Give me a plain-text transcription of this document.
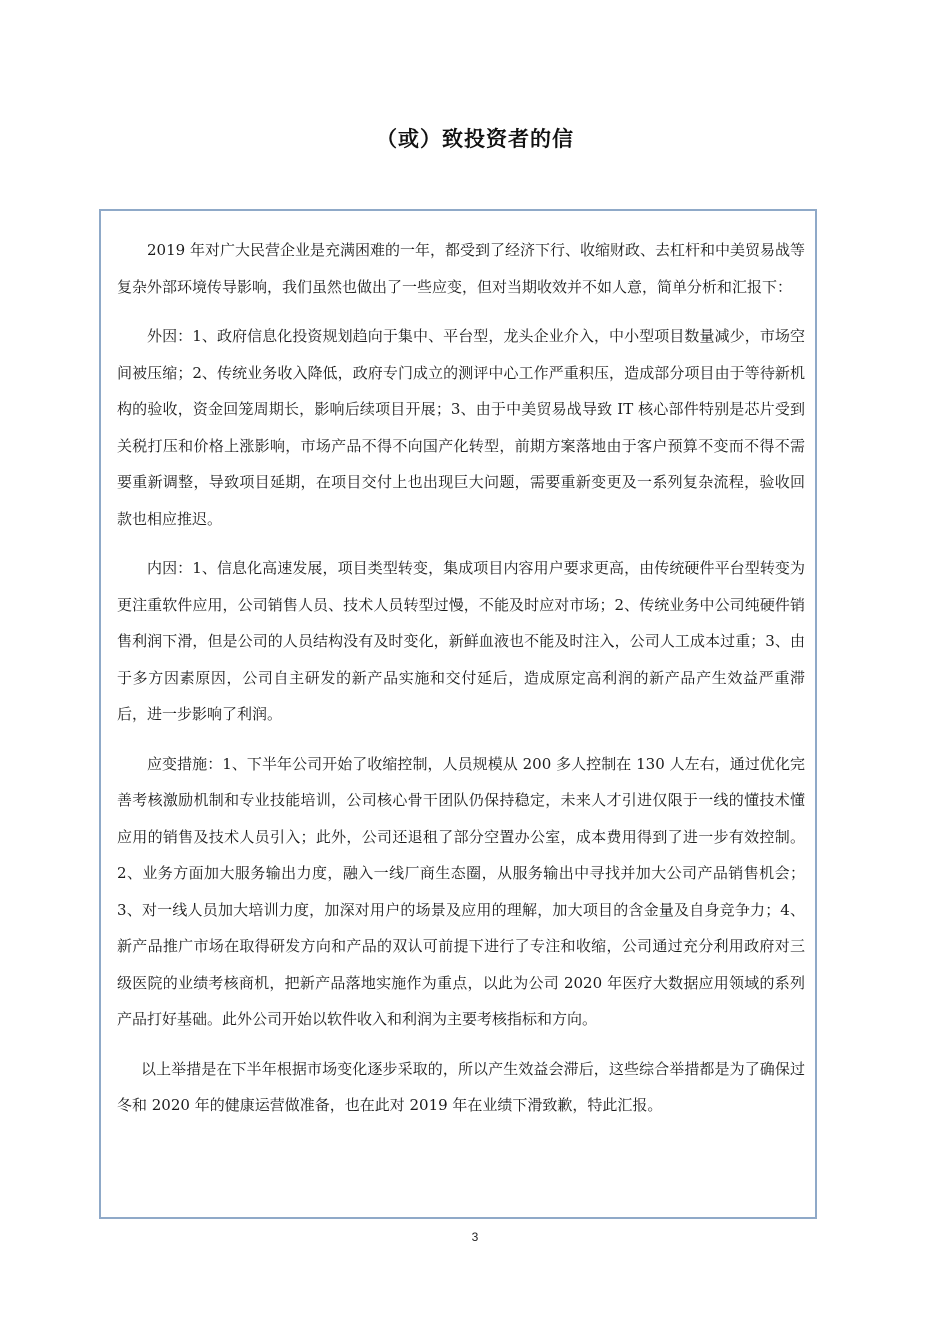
（或）致投资者的信

2019 年对广大民营企业是充满困难的一年，都受到了经济下行、收缩财政、去杠杆和中美贸易战等复杂外部环境传导影响，我们虽然也做出了一些应变，但对当期收效并不如人意，简单分析和汇报下：

外因：1、政府信息化投资规划趋向于集中、平台型，龙头企业介入，中小型项目数量减少，市场空间被压缩；2、传统业务收入降低，政府专门成立的测评中心工作严重积压，造成部分项目由于等待新机构的验收，资金回笼周期长，影响后续项目开展；3、由于中美贸易战导致 IT 核心部件特别是芯片受到关税打压和价格上涨影响，市场产品不得不向国产化转型，前期方案落地由于客户预算不变而不得不需要重新调整，导致项目延期，在项目交付上也出现巨大问题，需要重新变更及一系列复杂流程，验收回款也相应推迟。

内因：1、信息化高速发展，项目类型转变，集成项目内容用户要求更高，由传统硬件平台型转变为更注重软件应用，公司销售人员、技术人员转型过慢，不能及时应对市场；2、传统业务中公司纯硬件销售利润下滑，但是公司的人员结构没有及时变化，新鲜血液也不能及时注入，公司人工成本过重；3、由于多方因素原因，公司自主研发的新产品实施和交付延后，造成原定高利润的新产品产生效益严重滞后，进一步影响了利润。

应变措施：1、下半年公司开始了收缩控制，人员规模从 200 多人控制在 130 人左右，通过优化完善考核激励机制和专业技能培训，公司核心骨干团队仍保持稳定，未来人才引进仅限于一线的懂技术懂应用的销售及技术人员引入；此外，公司还退租了部分空置办公室，成本费用得到了进一步有效控制。2、业务方面加大服务输出力度，融入一线厂商生态圈，从服务输出中寻找并加大公司产品销售机会；3、对一线人员加大培训力度，加深对用户的场景及应用的理解，加大项目的含金量及自身竞争力；4、新产品推广市场在取得研发方向和产品的双认可前提下进行了专注和收缩，公司通过充分利用政府对三级医院的业绩考核商机，把新产品落地实施作为重点，以此为公司 2020 年医疗大数据应用领域的系列产品打好基础。此外公司开始以软件收入和利润为主要考核指标和方向。

以上举措是在下半年根据市场变化逐步采取的，所以产生效益会滞后，这些综合举措都是为了确保过冬和 2020 年的健康运营做准备，也在此对 2019 年在业绩下滑致歉，特此汇报。

3
